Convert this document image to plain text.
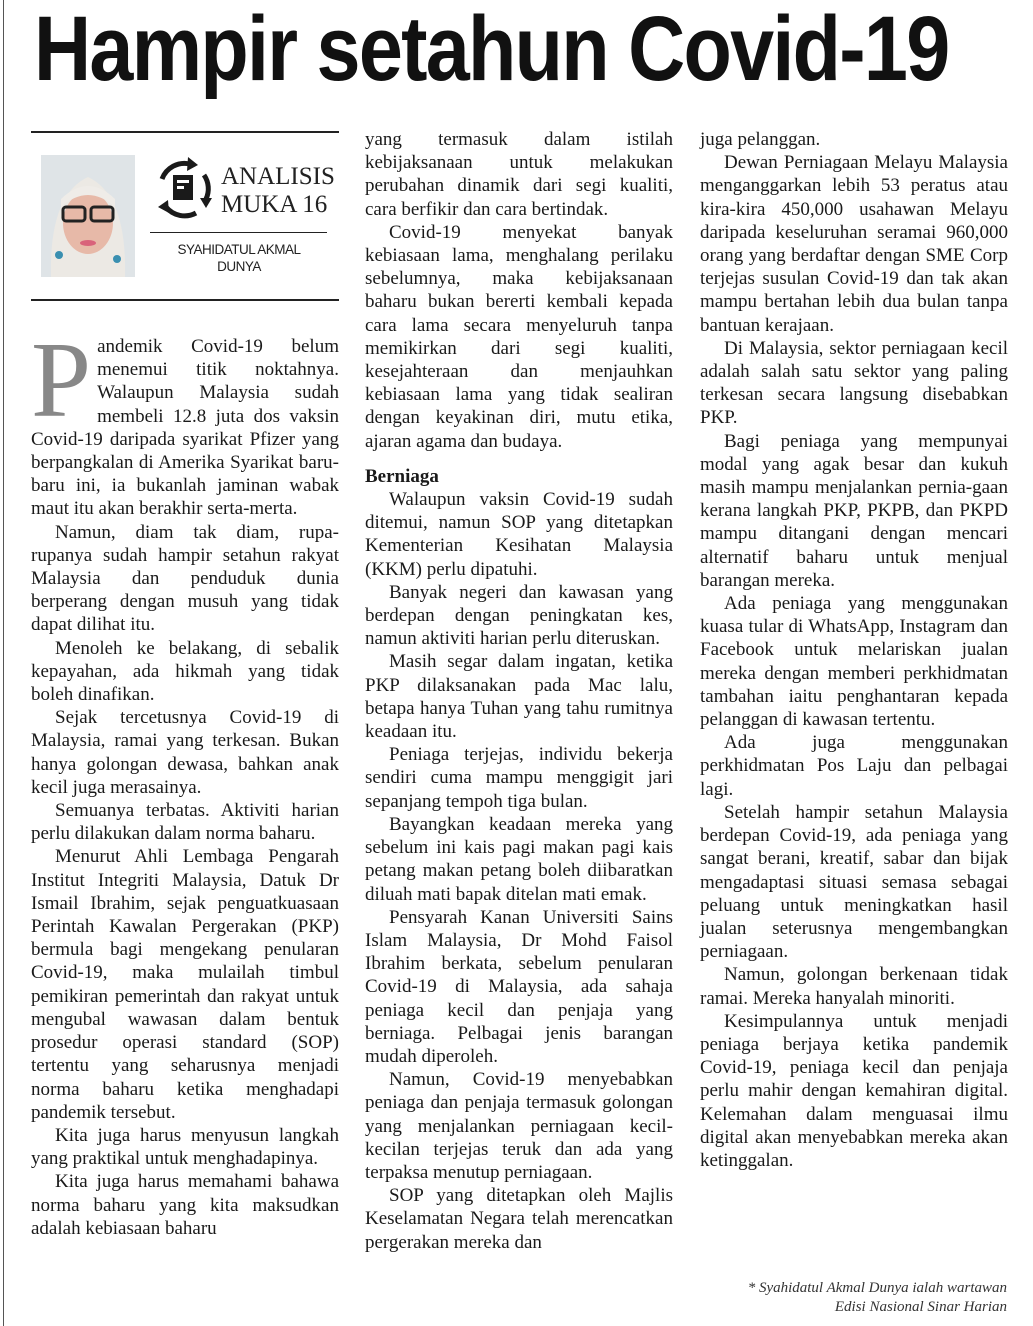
Hampir setahun Covid-19
ANALISIS
MUKA 16
SYAHIDATUL AKMAL
DUNYA

Pandemik Covid-19 belum menemui titik noktahnya. Walaupun Malaysia sudah membeli 12.8 juta dos vaksin Covid-19 daripada syarikat Pfizer yang berpangkalan di Amerika Syarikat baru-baru ini, ia bukanlah jaminan wabak maut itu akan berakhir serta-merta.

Namun, diam tak diam, rupa-rupanya sudah hampir setahun rakyat Malaysia dan penduduk dunia berperang dengan musuh yang tidak dapat dilihat itu.

Menoleh ke belakang, di sebalik kepayahan, ada hikmah yang tidak boleh dinafikan.

Sejak tercetusnya Covid-19 di Malaysia, ramai yang terkesan. Bukan hanya golongan dewasa, bahkan anak kecil juga merasainya.

Semuanya terbatas. Aktiviti harian perlu dilakukan dalam norma baharu.

Menurut Ahli Lembaga Pengarah Institut Integriti Malaysia, Datuk Dr Ismail Ibrahim, sejak penguatkuasaan Perintah Kawalan Pergerakan (PKP) bermula bagi mengekang penularan Covid-19, maka mulailah timbul pemikiran pemerintah dan rakyat untuk mengubal wawasan dalam bentuk prosedur operasi standard (SOP) tertentu yang seharusnya menjadi norma baharu ketika menghadapi pandemik tersebut.

Kita juga harus menyusun langkah yang praktikal untuk menghadapinya.

Kita juga harus memahami bahawa norma baharu yang kita maksudkan adalah kebiasaan baharu

yang termasuk dalam istilah kebijaksanaan untuk melakukan perubahan dinamik dari segi kualiti, cara berfikir dan cara bertindak.

Covid-19 menyekat banyak kebiasaan lama, menghalang perilaku sebelumnya, maka kebijaksanaan baharu bukan bererti kembali kepada cara lama secara menyeluruh tanpa memikirkan dari segi kualiti, kesejahteraan dan menjauhkan kebiasaan lama yang tidak sealiran dengan keyakinan diri, mutu etika, ajaran agama dan budaya.

Berniaga

Walaupun vaksin Covid-19 sudah ditemui, namun SOP yang ditetapkan Kementerian Kesihatan Malaysia (KKM) perlu dipatuhi.

Banyak negeri dan kawasan yang berdepan dengan peningkatan kes, namun aktiviti harian perlu diteruskan.

Masih segar dalam ingatan, ketika PKP dilaksanakan pada Mac lalu, betapa hanya Tuhan yang tahu rumitnya keadaan itu.

Peniaga terjejas, individu bekerja sendiri cuma mampu menggigit jari sepanjang tempoh tiga bulan.

Bayangkan keadaan mereka yang sebelum ini kais pagi makan pagi kais petang makan petang boleh diibaratkan diluah mati bapak ditelan mati emak.

Pensyarah Kanan Universiti Sains Islam Malaysia, Dr Mohd Faisol Ibrahim berkata, sebelum penularan Covid-19 di Malaysia, ada sahaja peniaga kecil dan penjaja yang berniaga. Pelbagai jenis barangan mudah diperoleh.

Namun, Covid-19 menyebabkan peniaga dan penjaja termasuk golongan yang menjalankan perniagaan kecil-kecilan terjejas teruk dan ada yang terpaksa menutup perniagaan.

SOP yang ditetapkan oleh Majlis Keselamatan Negara telah merencatkan pergerakan mereka dan

juga pelanggan.

Dewan Perniagaan Melayu Malaysia menganggarkan lebih 53 peratus atau kira-kira 450,000 usahawan Melayu daripada keseluruhan seramai 960,000 orang yang berdaftar dengan SME Corp terjejas susulan Covid-19 dan tak akan mampu bertahan lebih dua bulan tanpa bantuan kerajaan.

Di Malaysia, sektor perniagaan kecil adalah salah satu sektor yang paling terkesan secara langsung disebabkan PKP.

Bagi peniaga yang mempunyai modal yang agak besar dan kukuh masih mampu menjalankan pernia-gaan kerana langkah PKP, PKPB, dan PKPD mampu ditangani dengan mencari alternatif baharu untuk menjual barangan mereka.

Ada peniaga yang menggunakan kuasa tular di WhatsApp, Instagram dan Facebook untuk melariskan jualan mereka dengan memberi perkhidmatan tambahan iaitu penghantaran kepada pelanggan di kawasan tertentu.

Ada juga menggunakan perkhidmatan Pos Laju dan pelbagai lagi.

Setelah hampir setahun Malaysia berdepan Covid-19, ada peniaga yang sangat berani, kreatif, sabar dan bijak mengadaptasi situasi semasa sebagai peluang untuk meningkatkan hasil jualan seterusnya mengembangkan perniagaan.

Namun, golongan berkenaan tidak ramai. Mereka hanyalah minoriti.

Kesimpulannya untuk menjadi peniaga berjaya ketika pandemik Covid-19, peniaga kecil dan penjaja perlu mahir dengan kemahiran digital. Kelemahan dalam menguasai ilmu digital akan menyebabkan mereka akan ketinggalan.

* Syahidatul Akmal Dunya ialah wartawan
Edisi Nasional Sinar Harian
